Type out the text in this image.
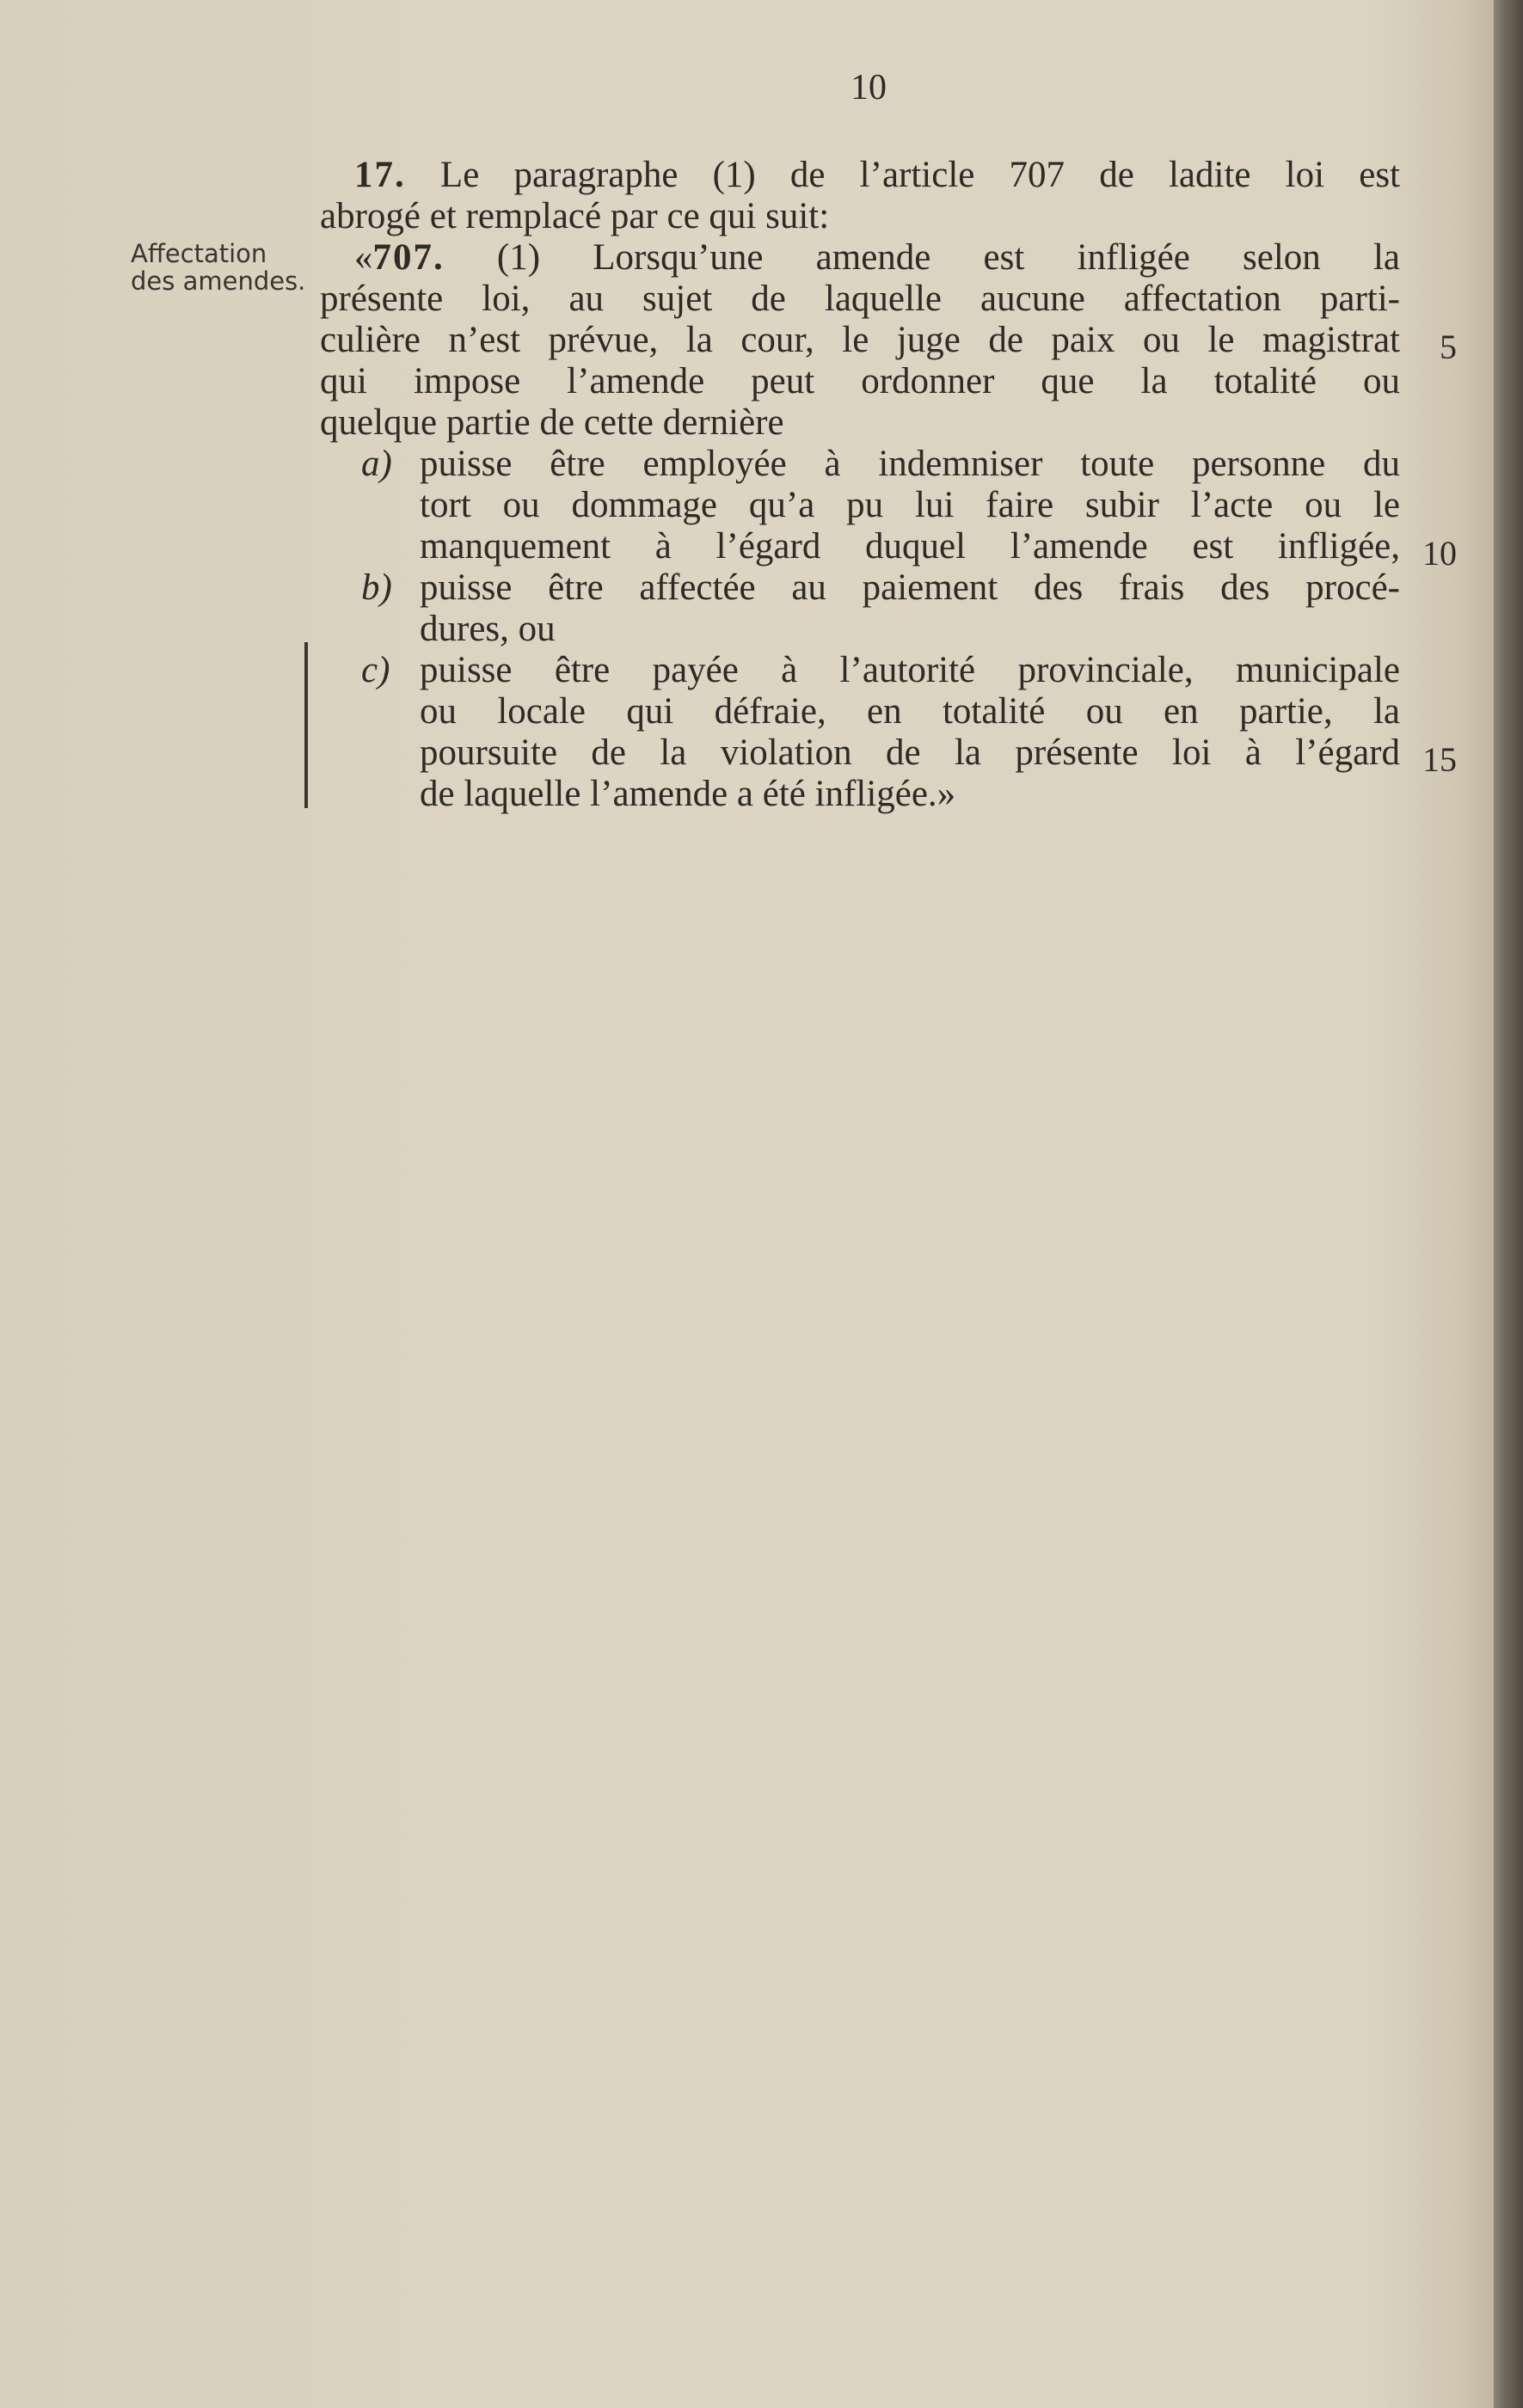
10
Affectation
des amendes.
17. Le paragraphe (1) de l’article 707 de ladite loi est
abrogé et remplacé par ce qui suit:
«707. (1) Lorsqu’une amende est infligée selon la
présente loi, au sujet de laquelle aucune affectation parti-
culière n’est prévue, la cour, le juge de paix ou le magistrat
qui impose l’amende peut ordonner que la totalité ou
quelque partie de cette dernière
a) puisse être employée à indemniser toute personne du
tort ou dommage qu’a pu lui faire subir l’acte ou le
manquement à l’égard duquel l’amende est infligée,
b) puisse être affectée au paiement des frais des procé-
dures, ou
c) puisse être payée à l’autorité provinciale, municipale
ou locale qui défraie, en totalité ou en partie, la
poursuite de la violation de la présente loi à l’égard
de laquelle l’amende a été infligée.»
5
10
15
